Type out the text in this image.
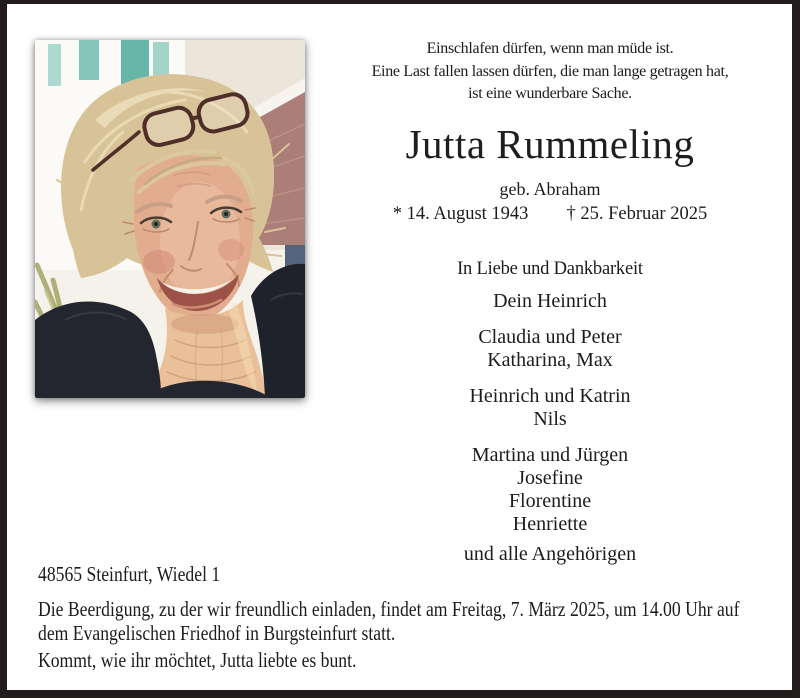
Einschlafen dürfen, wenn man müde ist.
Eine Last fallen lassen dürfen, die man lange getragen hat,
ist eine wunderbare Sache.
Jutta Rummeling
geb. Abraham
* 14. August 1943 † 25. Februar 2025
In Liebe und Dankbarkeit
Dein Heinrich
Claudia und Peter
Katharina, Max
Heinrich und Katrin
Nils
Martina und Jürgen
Josefine
Florentine
Henriette
und alle Angehörigen
48565 Steinfurt, Wiedel 1
Die Beerdigung, zu der wir freundlich einladen, findet am Freitag, 7. März 2025, um 14.00 Uhr auf
dem Evangelischen Friedhof in Burgsteinfurt statt.
Kommt, wie ihr möchtet, Jutta liebte es bunt.
